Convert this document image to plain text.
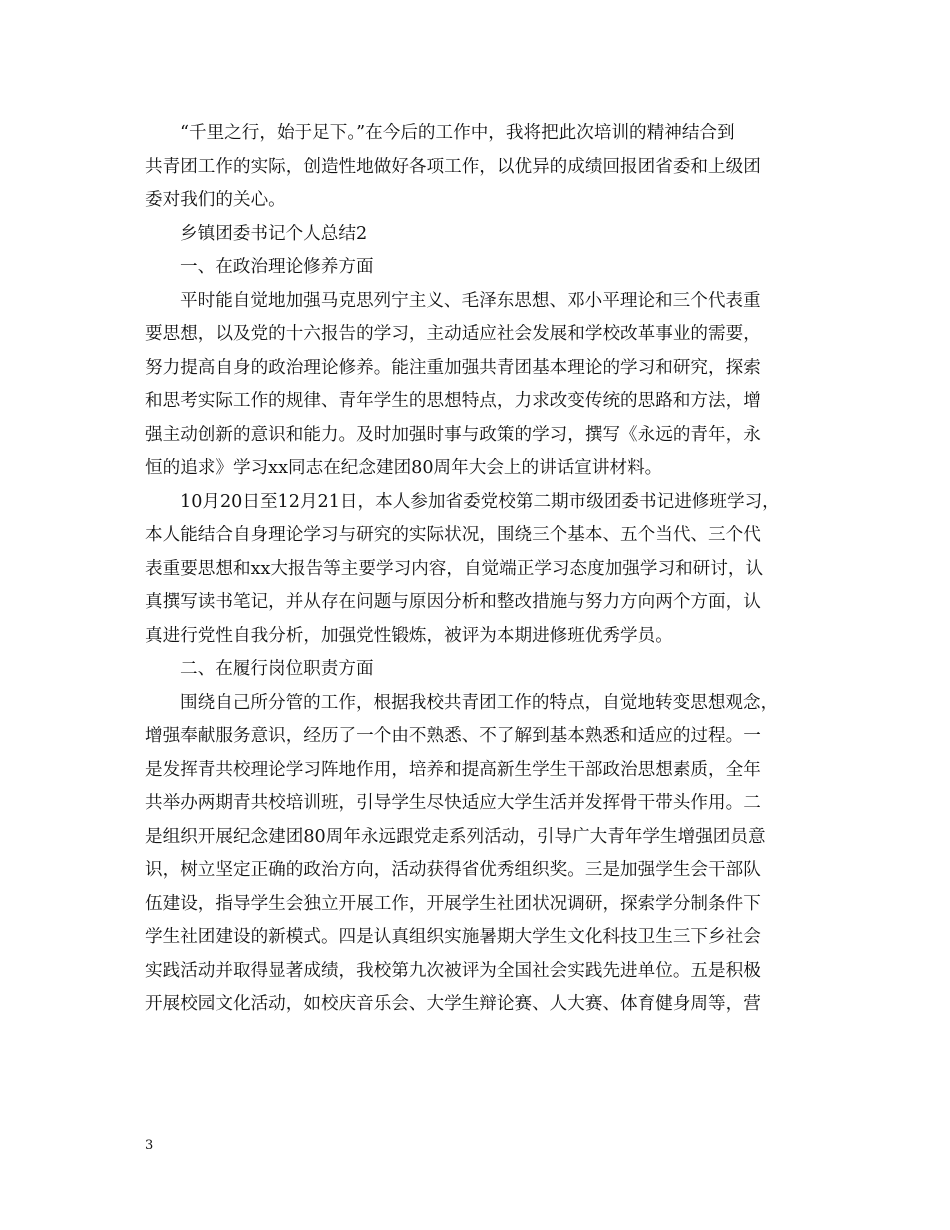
“千里之行，始于足下。”在今后的工作中，我将把此次培训的精神结合到
共青团工作的实际，创造性地做好各项工作，以优异的成绩回报团省委和上级团
委对我们的关心。
乡镇团委书记个人总结2
一、在政治理论修养方面
平时能自觉地加强马克思列宁主义、毛泽东思想、邓小平理论和三个代表重
要思想，以及党的十六报告的学习，主动适应社会发展和学校改革事业的需要，
努力提高自身的政治理论修养。能注重加强共青团基本理论的学习和研究，探索
和思考实际工作的规律、青年学生的思想特点，力求改变传统的思路和方法，增
强主动创新的意识和能力。及时加强时事与政策的学习，撰写《永远的青年，永
恒的追求》学习xx同志在纪念建团80周年大会上的讲话宣讲材料。
10月20日至12月21日，本人参加省委党校第二期市级团委书记进修班学习，
本人能结合自身理论学习与研究的实际状况，围绕三个基本、五个当代、三个代
表重要思想和xx大报告等主要学习内容，自觉端正学习态度加强学习和研讨，认
真撰写读书笔记，并从存在问题与原因分析和整改措施与努力方向两个方面，认
真进行党性自我分析，加强党性锻炼，被评为本期进修班优秀学员。
二、在履行岗位职责方面
围绕自己所分管的工作，根据我校共青团工作的特点，自觉地转变思想观念，
增强奉献服务意识，经历了一个由不熟悉、不了解到基本熟悉和适应的过程。一
是发挥青共校理论学习阵地作用，培养和提高新生学生干部政治思想素质，全年
共举办两期青共校培训班，引导学生尽快适应大学生活并发挥骨干带头作用。二
是组织开展纪念建团80周年永远跟党走系列活动，引导广大青年学生增强团员意
识，树立坚定正确的政治方向，活动获得省优秀组织奖。三是加强学生会干部队
伍建设，指导学生会独立开展工作，开展学生社团状况调研，探索学分制条件下
学生社团建设的新模式。四是认真组织实施暑期大学生文化科技卫生三下乡社会
实践活动并取得显著成绩，我校第九次被评为全国社会实践先进单位。五是积极
开展校园文化活动，如校庆音乐会、大学生辩论赛、人大赛、体育健身周等，营
3
